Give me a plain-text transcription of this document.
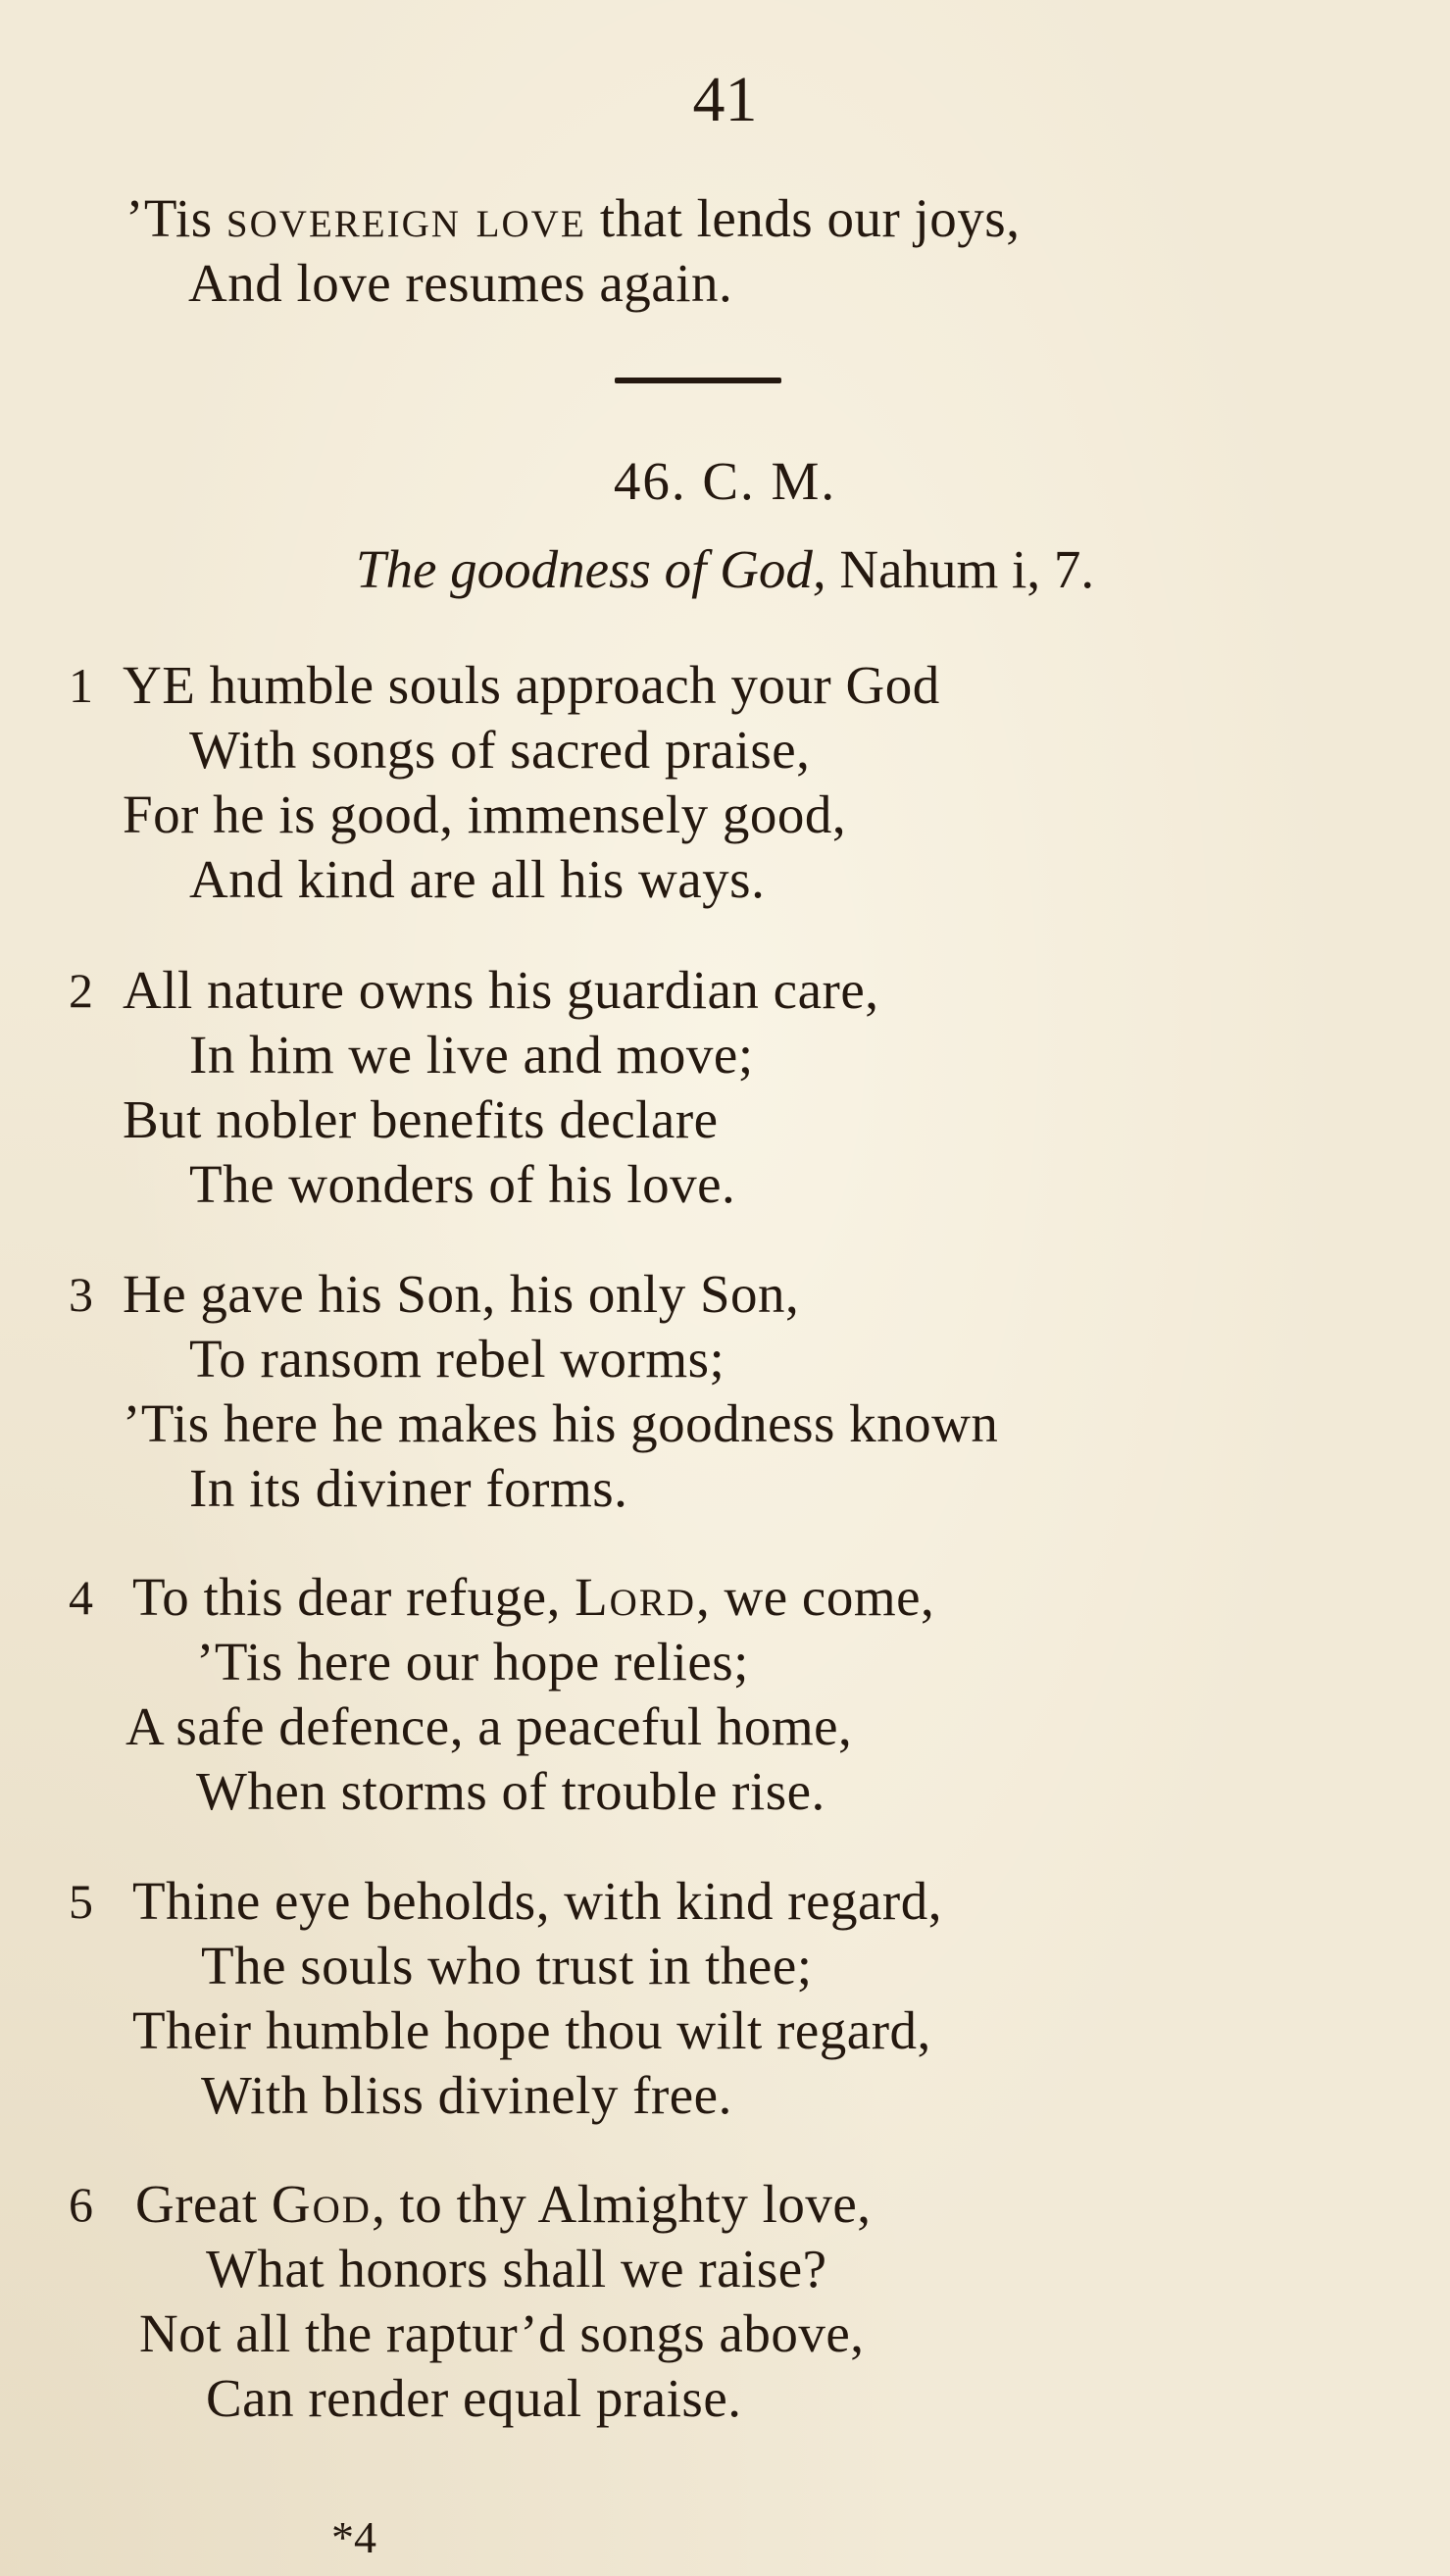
41
’Tis sovereign love that lends our joys,
And love resumes again.
46. C. M.
The goodness of God, Nahum i, 7.
1 YE humble souls approach your God
With songs of sacred praise,
For he is good, immensely good,
And kind are all his ways.
2 All nature owns his guardian care,
In him we live and move;
But nobler benefits declare
The wonders of his love.
3 He gave his Son, his only Son,
To ransom rebel worms;
’Tis here he makes his goodness known
In its diviner forms.
4 To this dear refuge, Lord, we come,
’Tis here our hope relies;
A safe defence, a peaceful home,
When storms of trouble rise.
5 Thine eye beholds, with kind regard,
The souls who trust in thee;
Their humble hope thou wilt regard,
With bliss divinely free.
6 Great God, to thy Almighty love,
What honors shall we raise?
Not all the raptur’d songs above,
Can render equal praise.
*4
